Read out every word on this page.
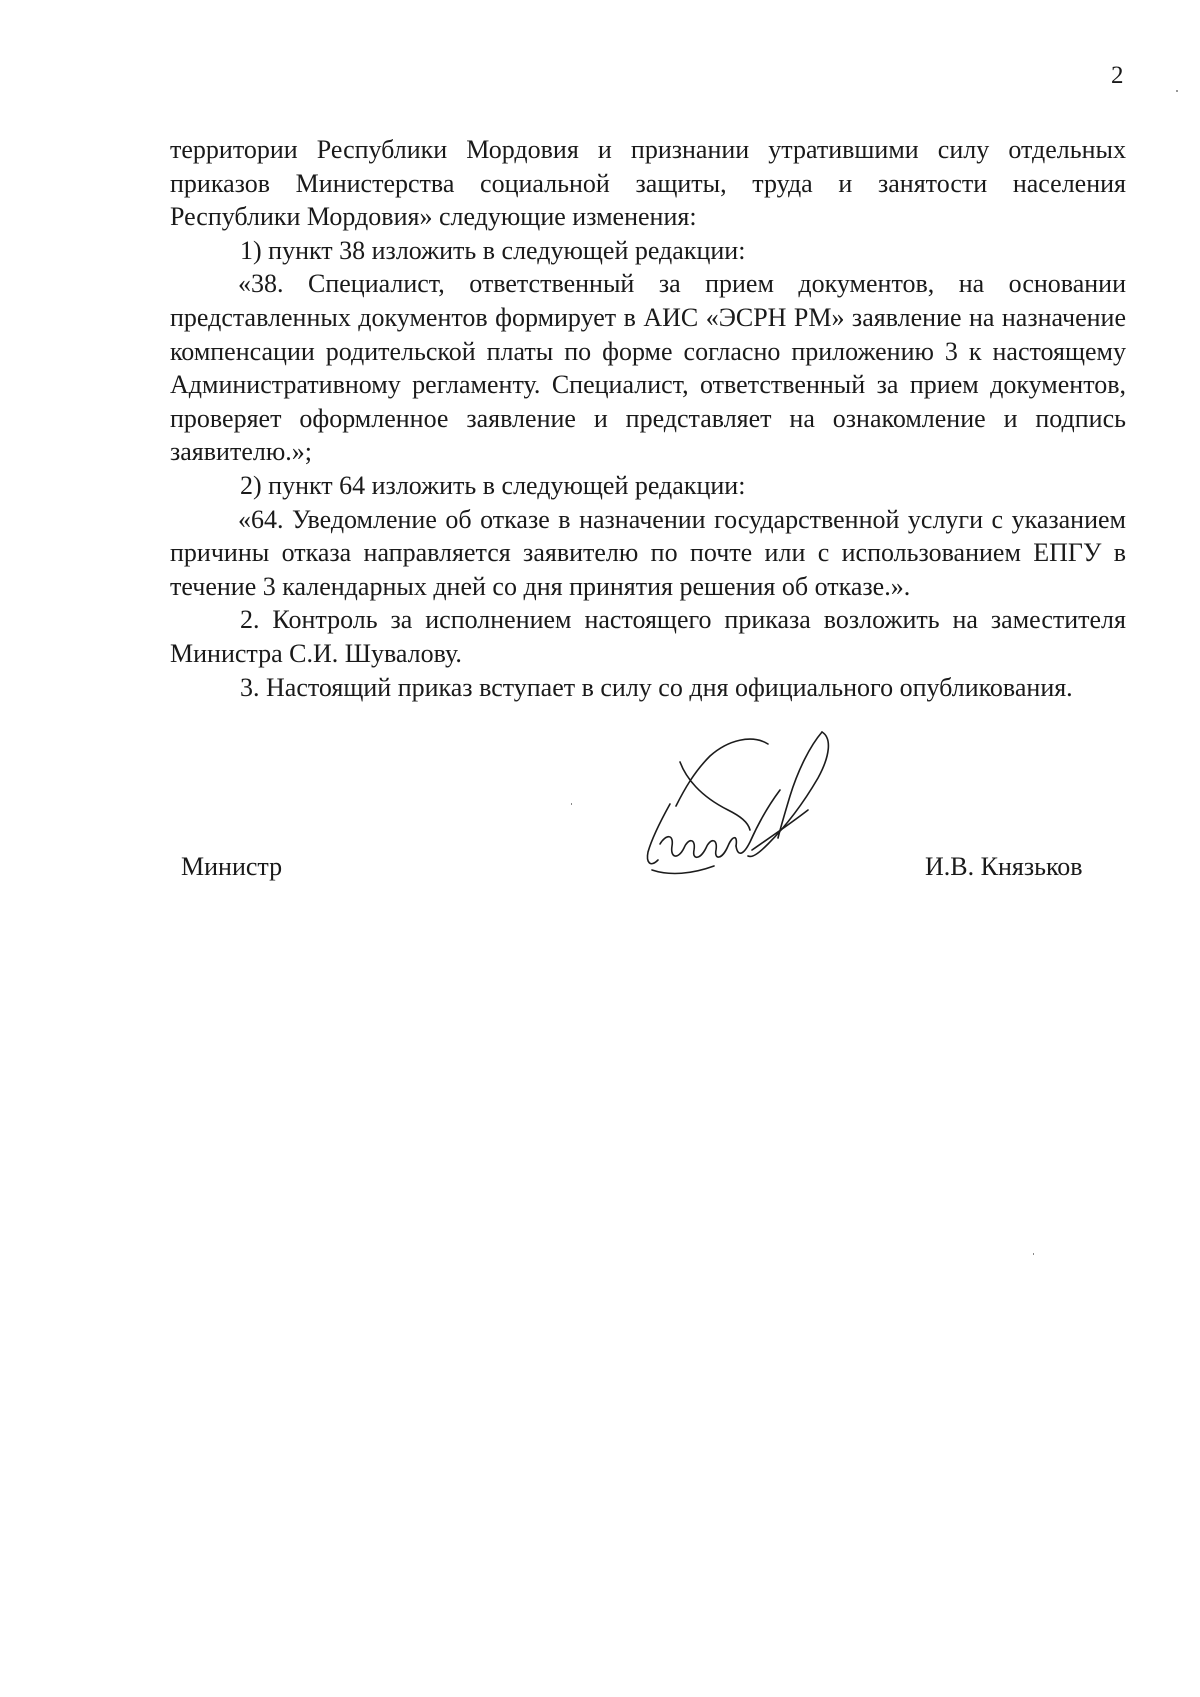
2

территории Республики Мордовия и признании утратившими силу отдельных приказов Министерства социальной защиты, труда и занятости населения Республики Мордовия» следующие изменения:

1) пункт 38 изложить в следующей редакции:

«38. Специалист, ответственный за прием документов, на основании представленных документов формирует в АИС «ЭСРН РМ» заявление на назначение компенсации родительской платы по форме согласно приложению 3 к настоящему Административному регламенту. Специалист, ответственный за прием документов, проверяет оформленное заявление и представляет на ознакомление и подпись заявителю.»;

2) пункт 64 изложить в следующей редакции:

«64. Уведомление об отказе в назначении государственной услуги с указанием причины отказа направляется заявителю по почте или с использованием ЕПГУ в течение 3 календарных дней со дня принятия решения об отказе.».

2. Контроль за исполнением настоящего приказа возложить на заместителя Министра С.И. Шувалову.

3. Настоящий приказ вступает в силу со дня официального опубликования.

Министр	И.В. Князьков
